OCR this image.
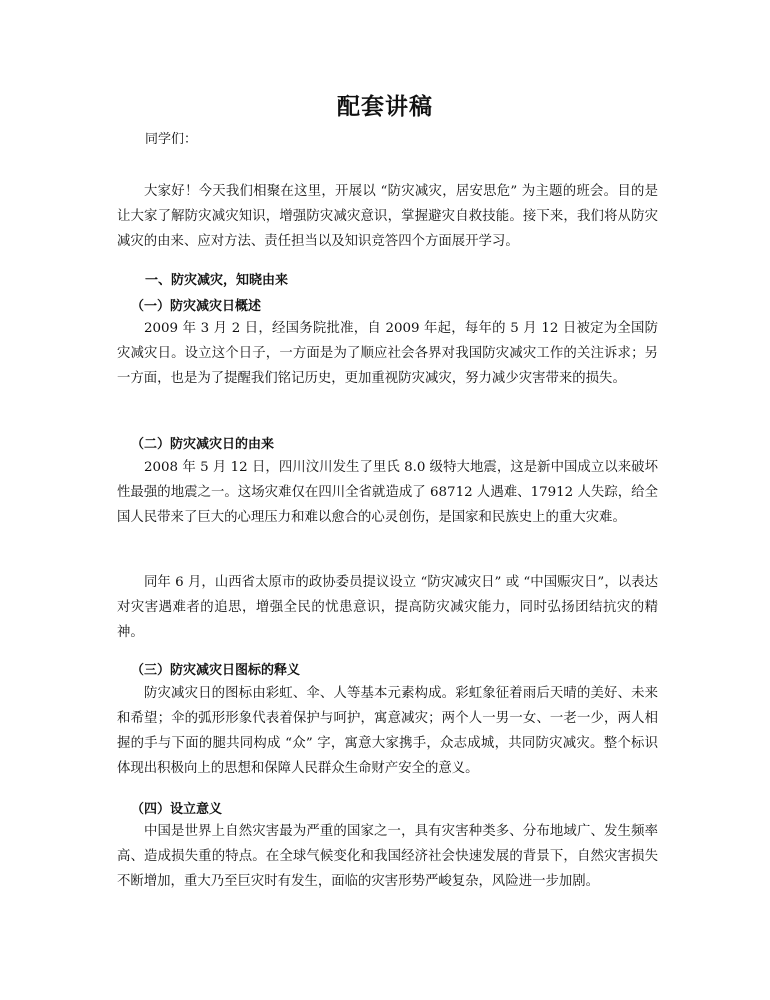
配套讲稿

同学们：

大家好！今天我们相聚在这里，开展以 “防灾减灾，居安思危” 为主题的班会。目的是让大家了解防灾减灾知识，增强防灾减灾意识，掌握避灾自救技能。接下来，我们将从防灾减灾的由来、应对方法、责任担当以及知识竞答四个方面展开学习。

一、防灾减灾，知晓由来

（一）防灾减灾日概述

2009 年 3 月 2 日，经国务院批准，自 2009 年起，每年的 5 月 12 日被定为全国防灾减灾日。设立这个日子，一方面是为了顺应社会各界对我国防灾减灾工作的关注诉求；另一方面，也是为了提醒我们铭记历史，更加重视防灾减灾，努力减少灾害带来的损失。

（二）防灾减灾日的由来

2008 年 5 月 12 日，四川汶川发生了里氏 8.0 级特大地震，这是新中国成立以来破坏性最强的地震之一。这场灾难仅在四川全省就造成了 68712 人遇难、17912 人失踪，给全国人民带来了巨大的心理压力和难以愈合的心灵创伤，是国家和民族史上的重大灾难。

同年 6 月，山西省太原市的政协委员提议设立 “防灾减灾日” 或 “中国赈灾日”，以表达对灾害遇难者的追思，增强全民的忧患意识，提高防灾减灾能力，同时弘扬团结抗灾的精神。

（三）防灾减灾日图标的释义

防灾减灾日的图标由彩虹、伞、人等基本元素构成。彩虹象征着雨后天晴的美好、未来和希望；伞的弧形形象代表着保护与呵护，寓意减灾；两个人一男一女、一老一少，两人相握的手与下面的腿共同构成 “众” 字，寓意大家携手，众志成城，共同防灾减灾。整个标识体现出积极向上的思想和保障人民群众生命财产安全的意义。

（四）设立意义

中国是世界上自然灾害最为严重的国家之一，具有灾害种类多、分布地域广、发生频率高、造成损失重的特点。在全球气候变化和我国经济社会快速发展的背景下，自然灾害损失不断增加，重大乃至巨灾时有发生，面临的灾害形势严峻复杂，风险进一步加剧。
